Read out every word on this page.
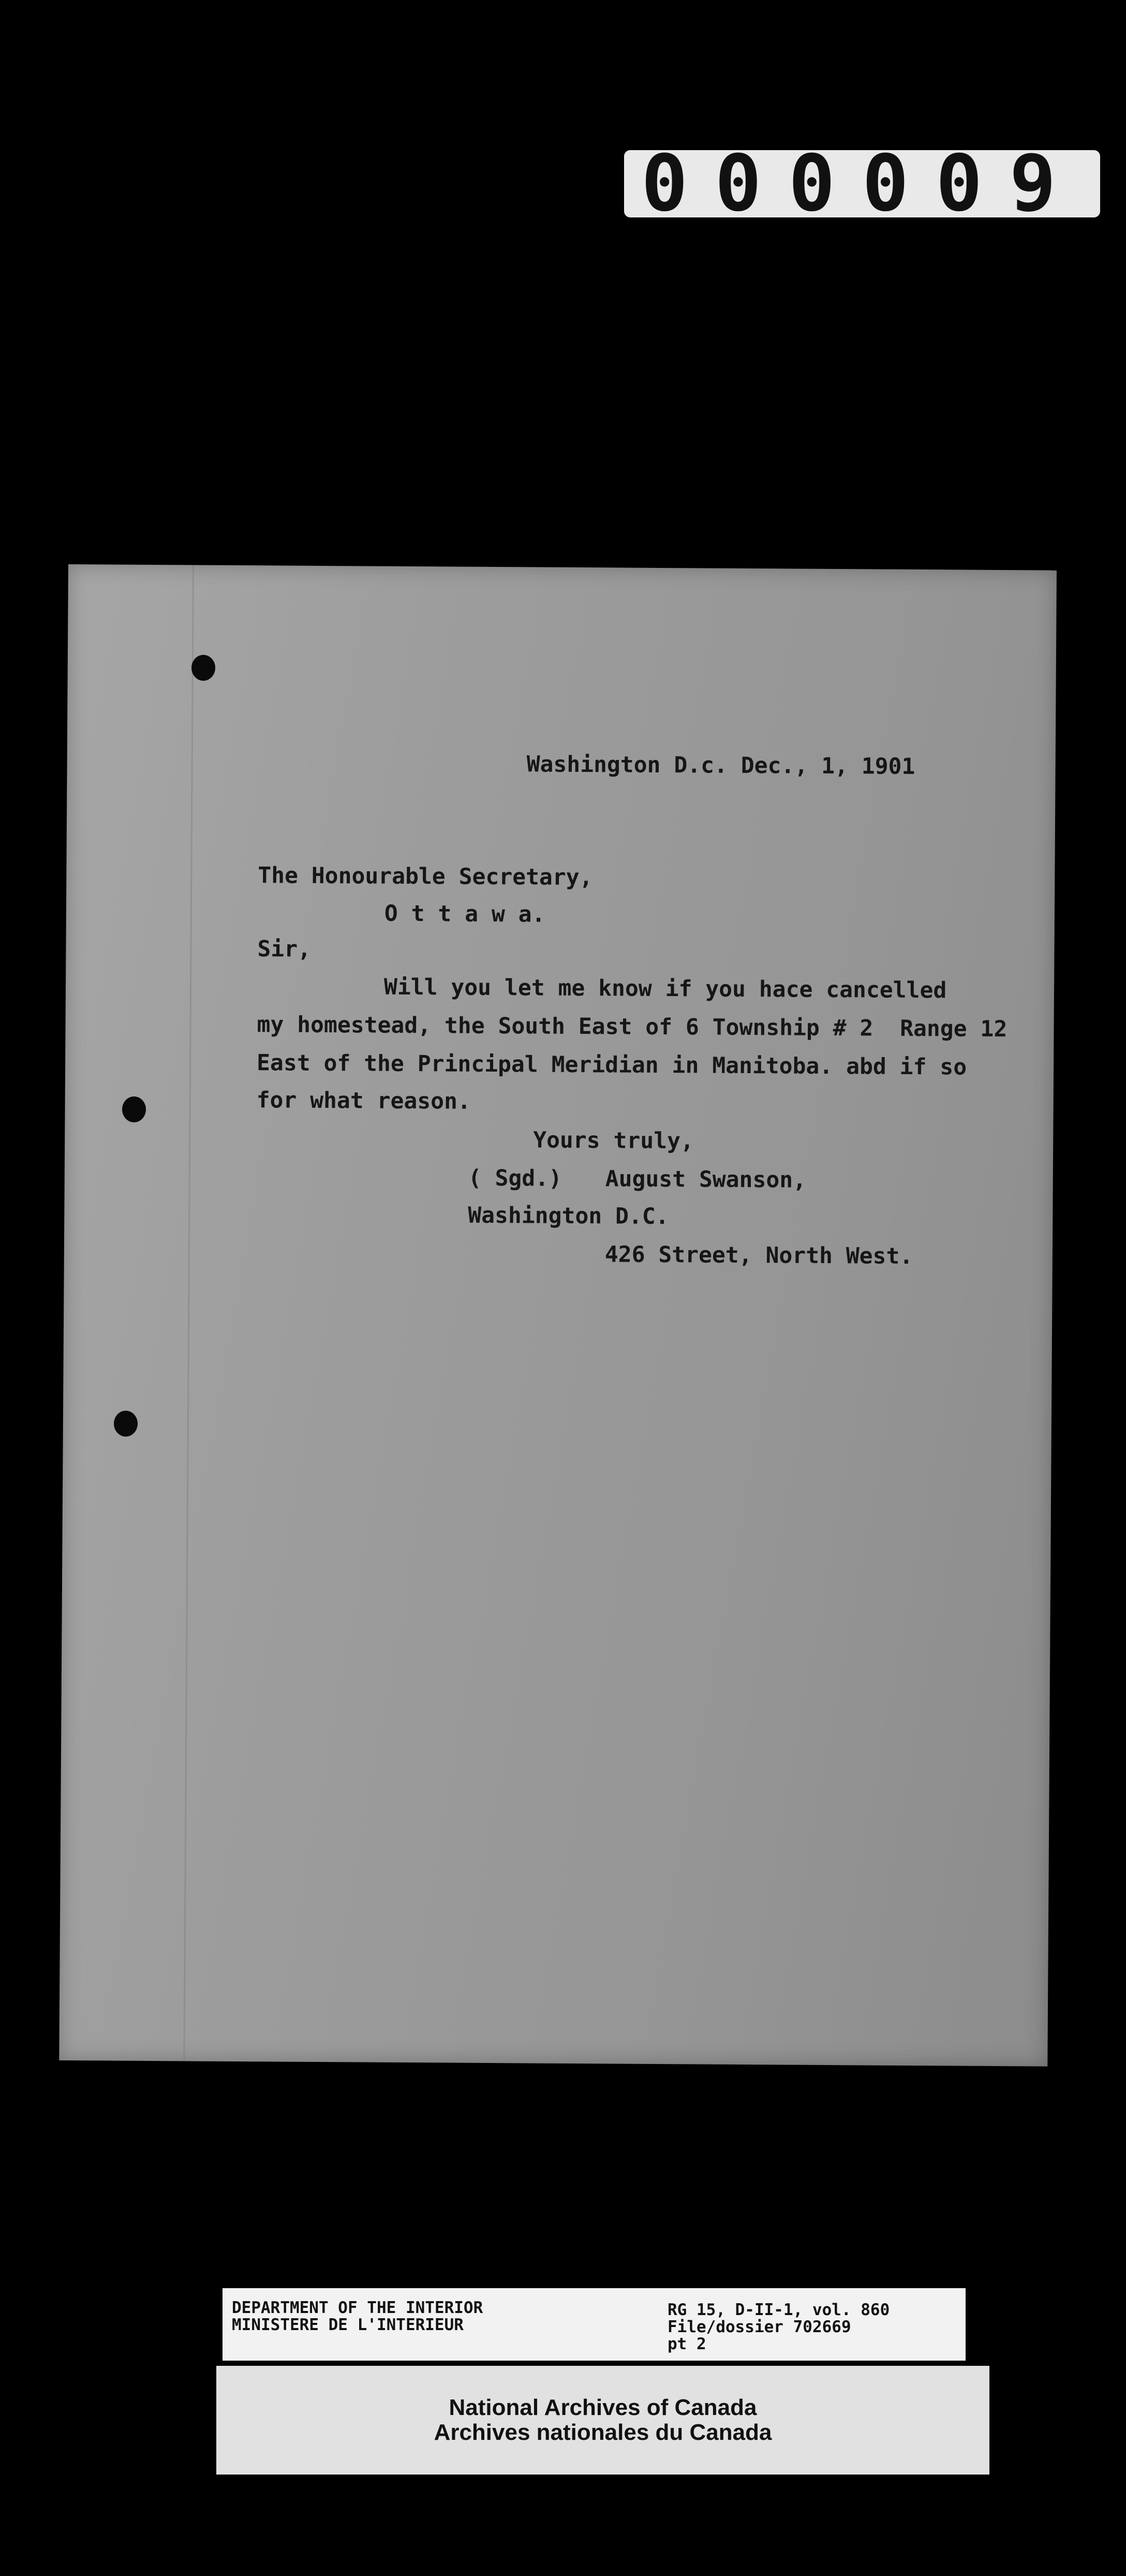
000009
Washington D.c. Dec., 1, 1901
The Honourable Secretary,
O t t a w a.
Sir,
Will you let me know if you hace cancelled
my homestead, the South East of 6 Township # 2  Range 12
East of the Principal Meridian in Manitoba. abd if so
for what reason.
Yours truly,
( Sgd.) August Swanson,
Washington D.C.
426 Street, North West.
DEPARTMENT OF THE INTERIOR
MINISTERE DE L'INTERIEUR
RG 15, D-II-1, vol. 860
File/dossier 702669
pt 2
National Archives of Canada
Archives nationales du Canada
